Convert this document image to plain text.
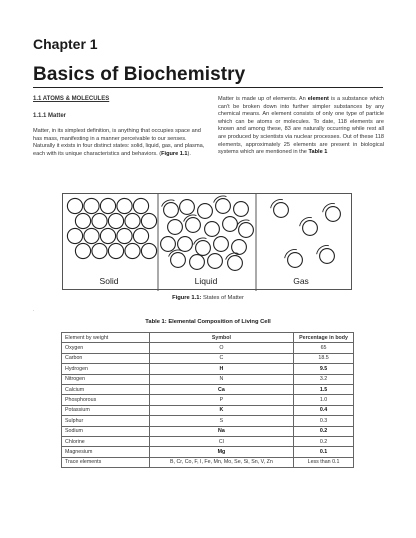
Chapter 1
Basics of Biochemistry
1.1 ATOMS & MOLECULES
1.1.1 Matter
Matter, in its simplest definition, is anything that occupies space and has mass, manifesting in a manner perceivable to our senses. Naturally it exists in four distinct states: solid, liquid, gas, and plasma, each with its unique characteristics and behaviors. (Figure 1.1).
Matter is made up of elements. An element is a substance which can't be broken down into further simpler substances by any chemical means. An element consists of only one type of particle which can be atoms or molecules. To date, 118 elements are known and among these, 83 are naturally occurring while rest all are produced by scientists via nuclear processes. Out of these 118 elements, approximately 25 elements are present in biological systems which are mentioned in the Table 1
Solid	Liquid	Gas
Figure 1.1: States of Matter
.
Table 1: Elemental Composition of Living Cell
Element by weight	Symbol	Percentage in body
Oxygen	O	65
Carbon	C	18.5
Hydrogen	H	9.5
Nitrogen	N	3.2
Calcium	Ca	1.5
Phosphorous	P	1.0
Potassium	K	0.4
Sulphur	S	0.3
Sodium	Na	0.2
Chlorine	Cl	0.2
Magnesium	Mg	0.1
Trace elements	B, Cr, Co, F, I, Fe, Mn, Mo, Se, Si, Sn, V, Zn	Less than 0.1
